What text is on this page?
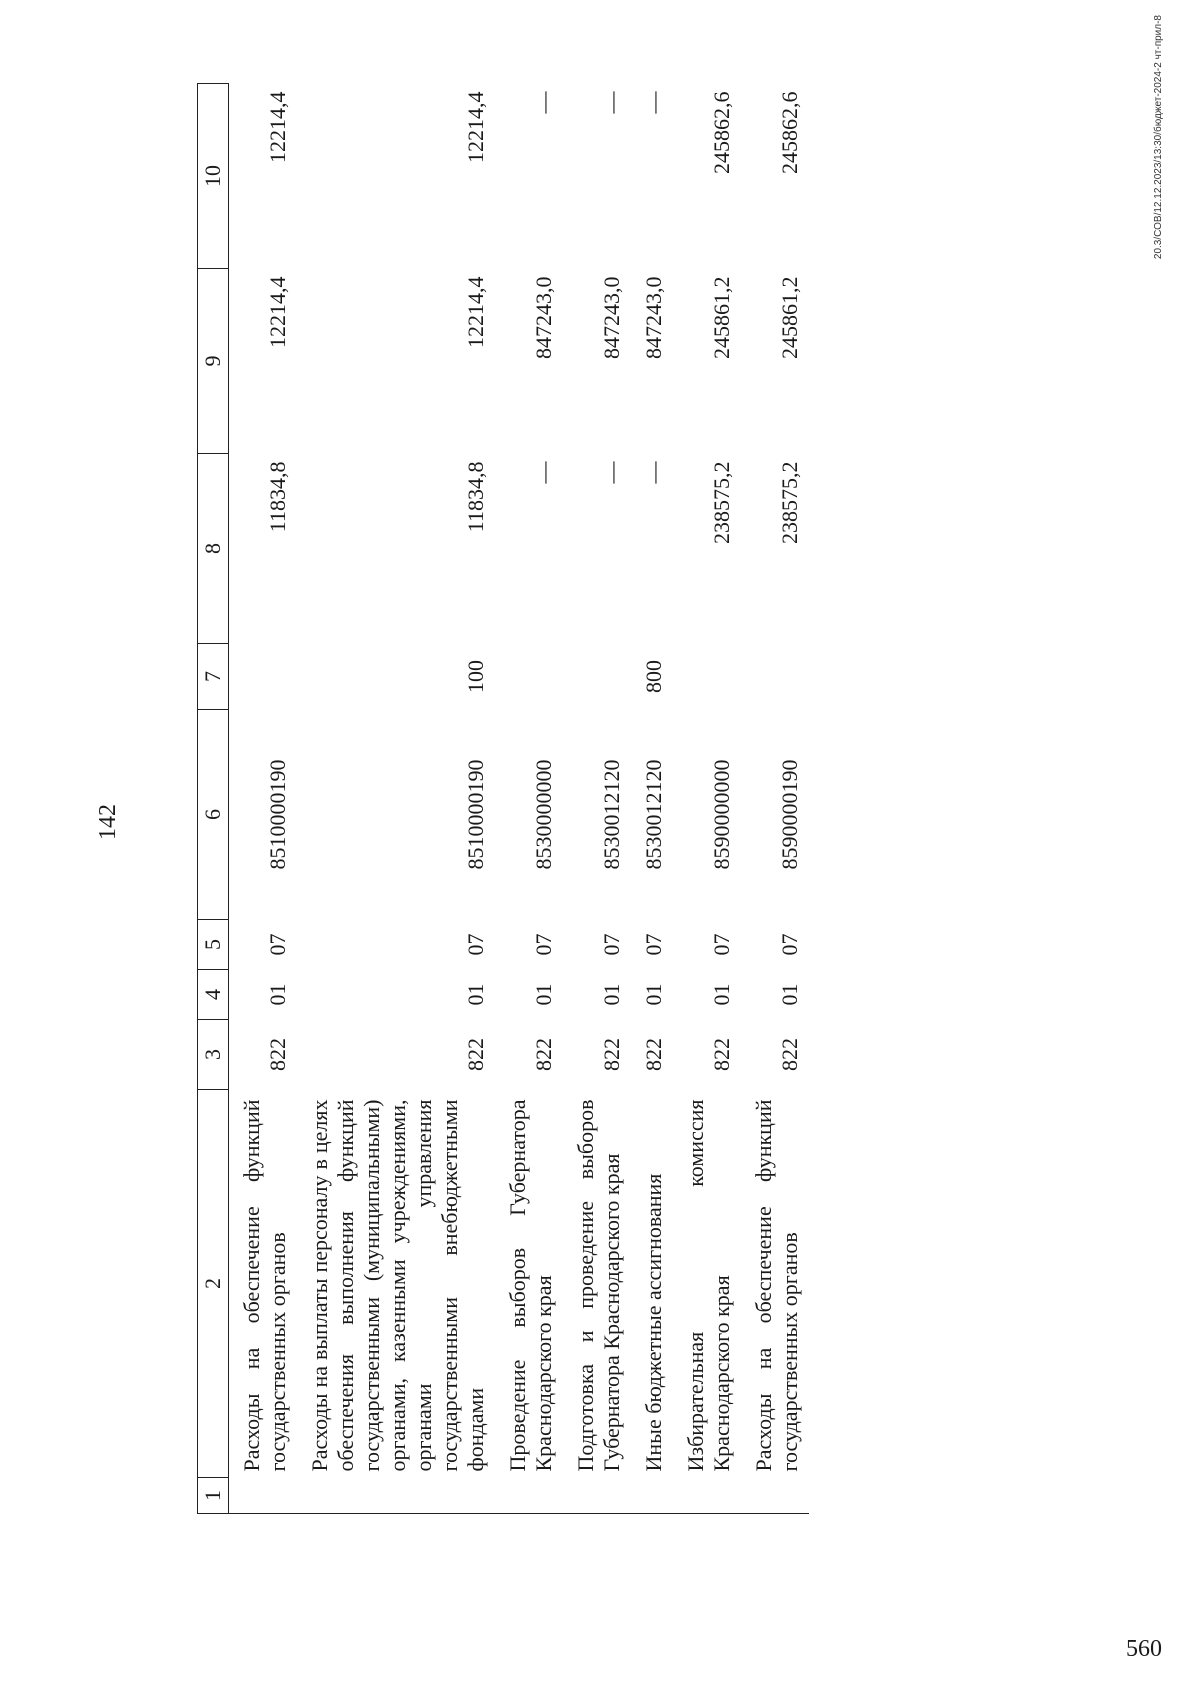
142
1	2	3	4	5	6	7	8	9	10
	Расходы на обеспечение функций государственных органов	822	01	07	8510000190		11834,8	12214,4	12214,4
	Расходы на выплаты персоналу в целях обеспечения выполнения функций государственными (муниципальными) органами, казенными учреждениями, органами управления государственными внебюджетными фондами	822	01	07	8510000190	100	11834,8	12214,4	12214,4
	Проведение выборов Губернатора Краснодарского края	822	01	07	8530000000		—	847243,0	—
	Подготовка и проведение выборов Губернатора Краснодарского края	822	01	07	8530012120		—	847243,0	—
	Иные бюджетные ассигнования	822	01	07	8530012120	800	—	847243,0	—
	Избирательная комиссия Краснодарского края	822	01	07	8590000000		238575,2	245861,2	245862,6
	Расходы на обеспечение функций государственных органов	822	01	07	8590000190		238575,2	245861,2	245862,6	20.3/СОВ/12.12.2023/13:30/бюджет-2024-2 чт-прил-8
560
